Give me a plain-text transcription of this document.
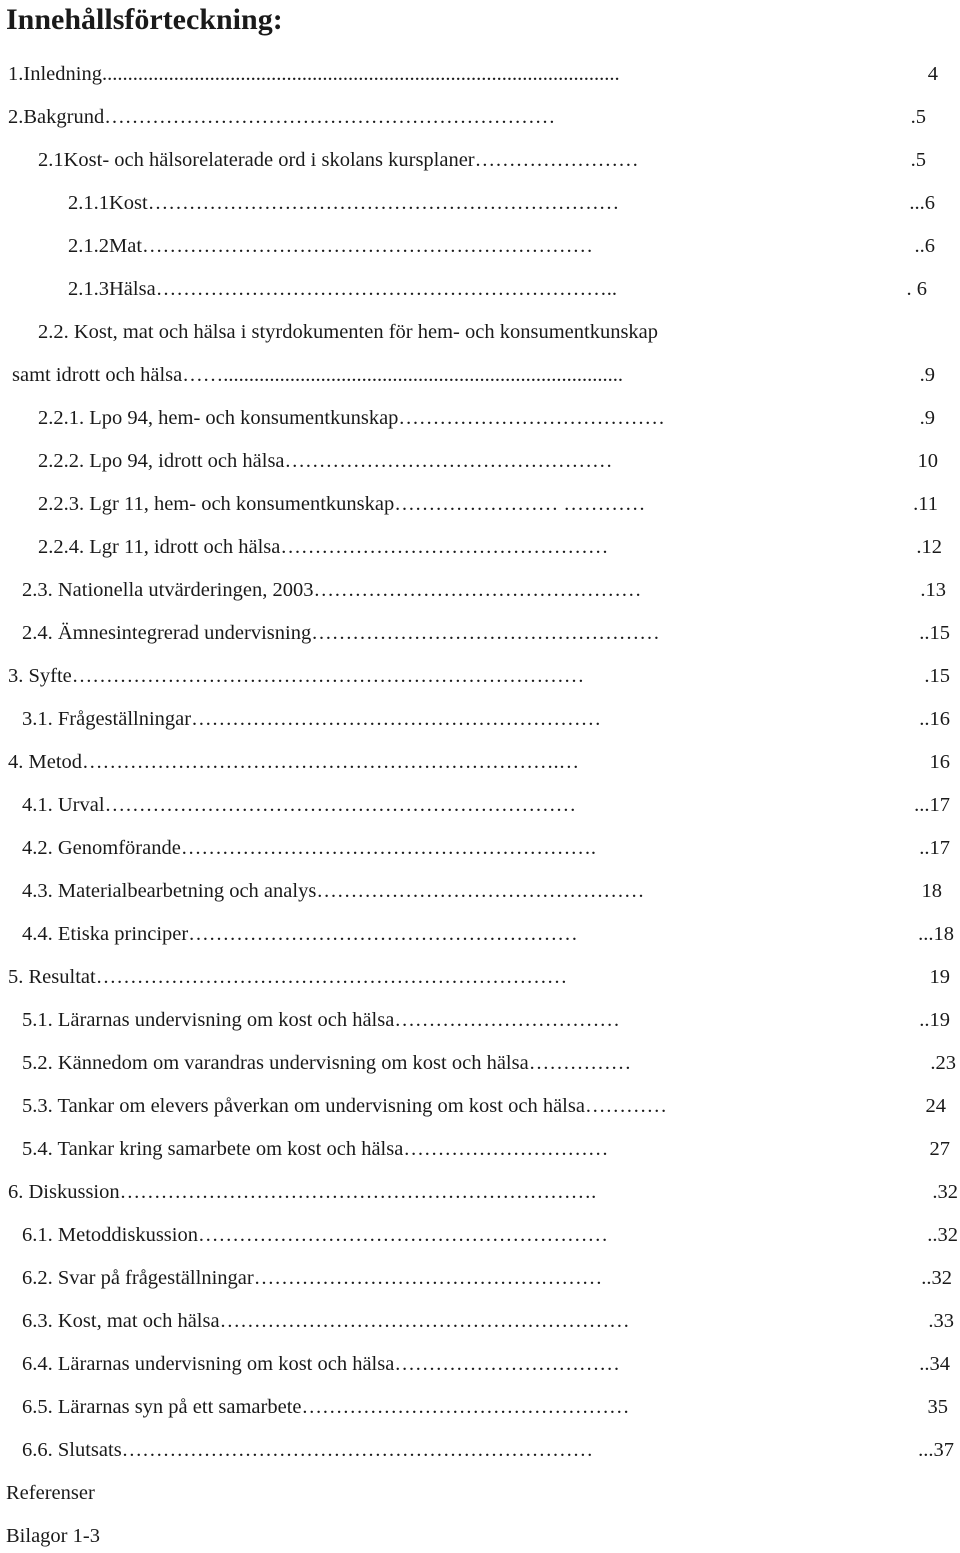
Innehållsförteckning:
1.Inledning .....................................................................................................	4
2.Bakgrund …………………………………………………………	.5
2.1Kost- och hälsorelaterade ord i skolans kursplaner ……………………	.5
2.1.1Kost ……………………………………………………………	...6
2.1.2Mat …………………………………………………………	..6
2.1.3Hälsa …………………………………………………………..	. 6
2.2. Kost, mat och hälsa i styrdokumenten för hem- och konsumentkunskap
samt idrott och hälsa ……..............................................................................	.9
2.2.1. Lpo 94, hem- och konsumentkunskap …………………………………	.9
2.2.2. Lpo 94, idrott och hälsa …………………………………………	10
2.2.3. Lgr 11, hem- och konsumentkunskap …………………… …………	.11
2.2.4. Lgr 11, idrott och hälsa …………………………………………	.12
2.3. Nationella utvärderingen, 2003 …………………………………………	.13
2.4. Ämnesintegrerad undervisning ……………………………………………	..15
3. Syfte …………………………………………………………………	.15
3.1. Frågeställningar ……………………………………………………	..16
4. Metod …………………………………………………………….…	16
4.1. Urval ……………………………………………………………	...17
4.2. Genomförande …………………………………………………….	..17
4.3. Materialbearbetning och analys …………………………………………	18
4.4. Etiska principer …………………………………………………	...18
5. Resultat ……………………………………………………………	19
5.1. Lärarnas undervisning om kost och hälsa ……………………………	..19
5.2. Kännedom om varandras undervisning om kost och hälsa ……………	.23
5.3. Tankar om elevers påverkan om undervisning om kost och hälsa …………	24
5.4. Tankar kring samarbete om kost och hälsa …………………………	27
6. Diskussion …………………………………………………………….	.32
6.1. Metoddiskussion ……………………………………………………	..32
6.2. Svar på frågeställningar ……………………………………………	..32
6.3. Kost, mat och hälsa ……………………………………………………	.33
6.4. Lärarnas undervisning om kost och hälsa ……………………………	..34
6.5. Lärarnas syn på ett samarbete …………………………………………	35
6.6. Slutsats ……………………………………………………………	...37
Referenser
Bilagor 1-3
